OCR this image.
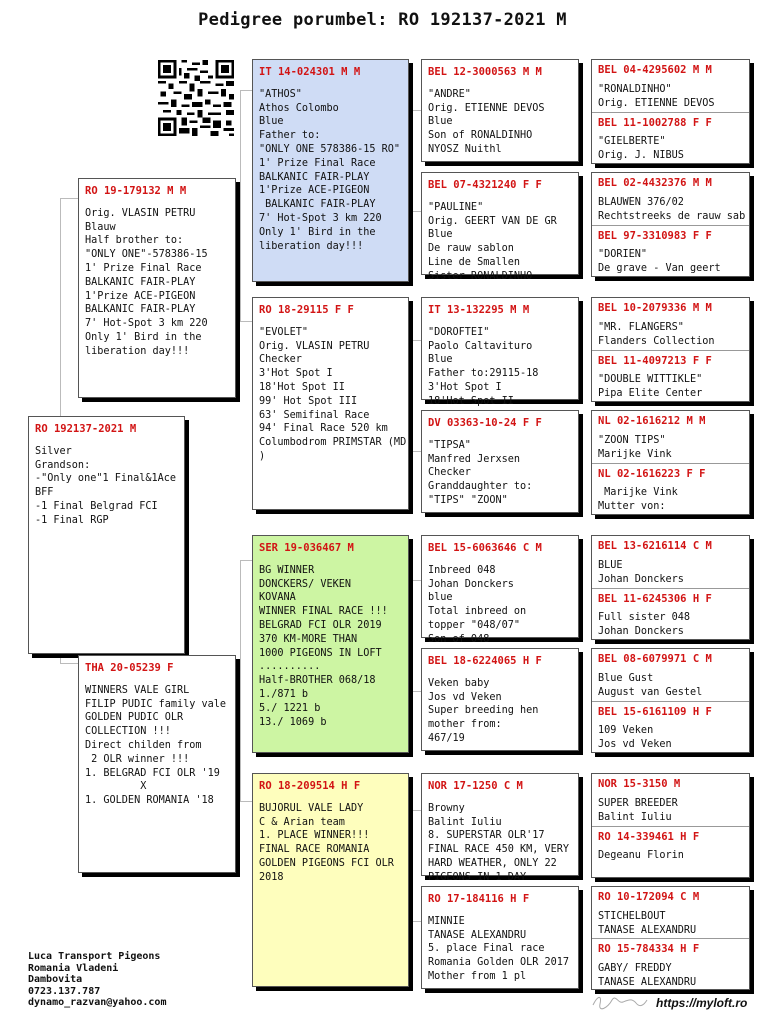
Pedigree porumbel: RO 192137-2021 M
RO 192137-2021 M
Silver
Grandson:
-"Only one"1 Final&1Ace
BFF
-1 Final Belgrad FCI
-1 Final RGP
RO 19-179132 M M
Orig. VLASIN PETRU
Blauw
Half brother to:
"ONLY ONE"-578386-15
1' Prize Final Race
BALKANIC FAIR-PLAY
1'Prize ACE-PIGEON
BALKANIC FAIR-PLAY
7' Hot-Spot 3 km 220
Only 1' Bird in the
liberation day!!!
THA 20-05239 F
WINNERS VALE GIRL
FILIP PUDIC family vale
GOLDEN PUDIC OLR
COLLECTION !!!
Direct childen from
2 OLR winner !!!
1. BELGRAD FCI OLR '19
X
1. GOLDEN ROMANIA '18
IT 14-024301 M M
"ATHOS"
Athos Colombo
Blue
Father to:
"ONLY ONE 578386-15 RO"
1' Prize Final Race
BALKANIC FAIR-PLAY
1'Prize ACE-PIGEON
BALKANIC FAIR-PLAY
7' Hot-Spot 3 km 220
Only 1' Bird in the
liberation day!!!
RO 18-29115 F F
"EVOLET"
Orig. VLASIN PETRU
Checker
3'Hot Spot I
18'Hot Spot II
99' Hot Spot III
63' Semifinal Race
94' Final Race 520 km
Columbodrom PRIMSTAR (MD
)
SER 19-036467 M
BG WINNER
DONCKERS/ VEKEN
KOVANA
WINNER FINAL RACE !!!
BELGRAD FCI OLR 2019
370 KM-MORE THAN
1000 PIGEONS IN LOFT
..........
Half-BROTHER 068/18
1./871 b
5./ 1221 b
13./ 1069 b
RO 18-209514 H F
BUJORUL VALE LADY
C & Arian team
1. PLACE WINNER!!!
FINAL RACE ROMANIA
GOLDEN PIGEONS FCI OLR
2018
BEL 12-3000563 M M
"ANDRE"
Orig. ETIENNE DEVOS
Blue
Son of RONALDINHO
NYOSZ Nuithl
BEL 07-4321240 F F
"PAULINE"
Orig. GEERT VAN DE GR
Blue
De rauw sablon
Line de Smallen
Sister RONALDINHO
IT 13-132295 M M
"DOROFTEI"
Paolo Caltavituro
Blue
Father to:29115-18
3'Hot Spot I
18'Hot Spot II
DV 03363-10-24 F F
"TIPSA"
Manfred Jerxsen
Checker
Granddaughter to:
"TIPS" "ZOON"
BEL 15-6063646 C M
Inbreed 048
Johan Donckers
blue
Total inbreed on
topper "048/07"
Son of 048
BEL 18-6224065 H F
Veken baby
Jos vd Veken
Super breeding hen
mother from:
467/19
NOR 17-1250 C M
Browny
Balint Iuliu
8. SUPERSTAR OLR'17
FINAL RACE 450 KM, VERY
HARD WEATHER, ONLY 22
PIGEONS IN 1 DAY
RO 17-184116 H F
MINNIE
TANASE ALEXANDRU
5. place Final race
Romania Golden OLR 2017
Mother from 1 pl
BEL 04-4295602 M M
"RONALDINHO"
Orig. ETIENNE DEVOS
BEL 11-1002788 F F
"GIELBERTE"
Orig. J. NIBUS
BEL 02-4432376 M M
BLAUWEN 376/02
Rechtstreeks de rauw sab
BEL 97-3310983 F F
"DORIEN"
De grave - Van geert
BEL 10-2079336 M M
"MR. FLANGERS"
Flanders Collection
BEL 11-4097213 F F
"DOUBLE WITTIKLE"
Pipa Elite Center
NL 02-1616212 M M
"ZOON TIPS"
Marijke Vink
NL 02-1616223 F F
Marijke Vink
Mutter von:
BEL 13-6216114 C M
BLUE
Johan Donckers
BEL 11-6245306 H F
Full sister 048
Johan Donckers
BEL 08-6079971 C M
Blue Gust
August van Gestel
BEL 15-6161109 H F
109 Veken
Jos vd Veken
NOR 15-3150 M
SUPER BREEDER
Balint Iuliu
RO 14-339461 H F
Degeanu Florin
RO 10-172094 C M
STICHELBOUT
TANASE ALEXANDRU
RO 15-784334 H F
GABY/ FREDDY
TANASE ALEXANDRU
Luca Transport Pigeons
Romania Vladeni
Dambovita
0723.137.787
dynamo_razvan@yahoo.com	https://myloft.ro
